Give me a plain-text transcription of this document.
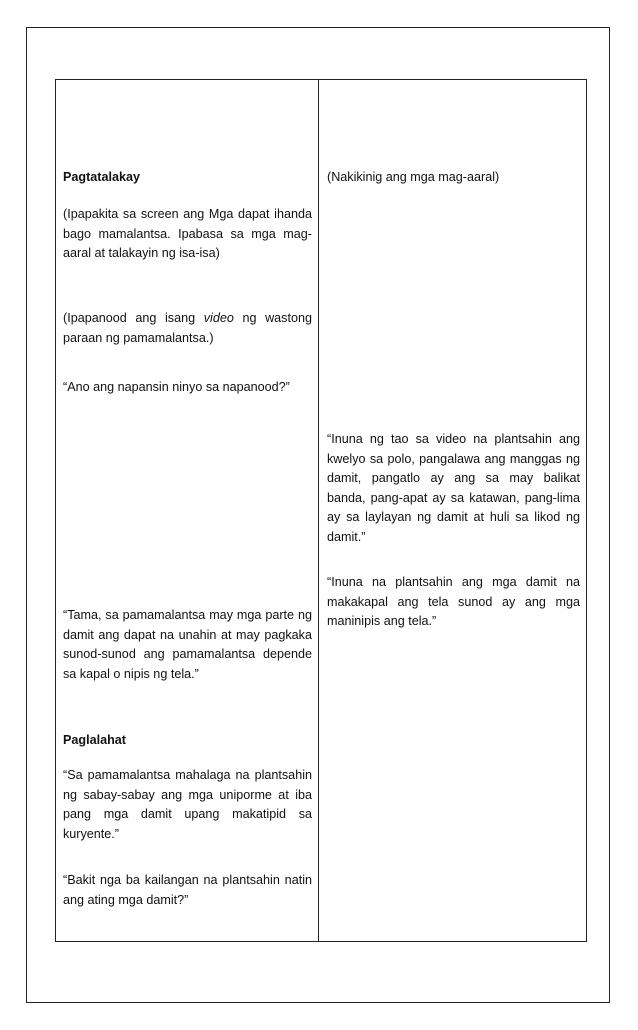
Pagtatalakay

(Ipapakita sa screen ang Mga dapat ihanda bago mamalantsa. Ipabasa sa mga mag-aaral at talakayin ng isa-isa)

(Ipapanood ang isang video ng wastong paraan ng pamamalantsa.)

“Ano ang napansin ninyo sa napanood?”

“Tama, sa pamamalantsa may mga parte ng damit ang dapat na unahin at may pagkaka sunod-sunod ang pamamalantsa depende sa kapal o nipis ng tela.”

Paglalahat

“Sa pamamalantsa mahalaga na plantsahin ng sabay-sabay ang mga uniporme at iba pang mga damit upang makatipid sa kuryente.”

“Bakit nga ba kailangan na plantsahin natin ang ating mga damit?”

(Nakikinig ang mga mag-aaral)

“Inuna ng tao sa video na plantsahin ang kwelyo sa polo, pangalawa ang manggas ng damit, pangatlo ay ang sa may balikat banda, pang-apat ay sa katawan, pang-lima ay sa laylayan ng damit at huli sa likod ng damit.”

“Inuna na plantsahin ang mga damit na makakapal ang tela sunod ay ang mga maninipis ang tela.”
